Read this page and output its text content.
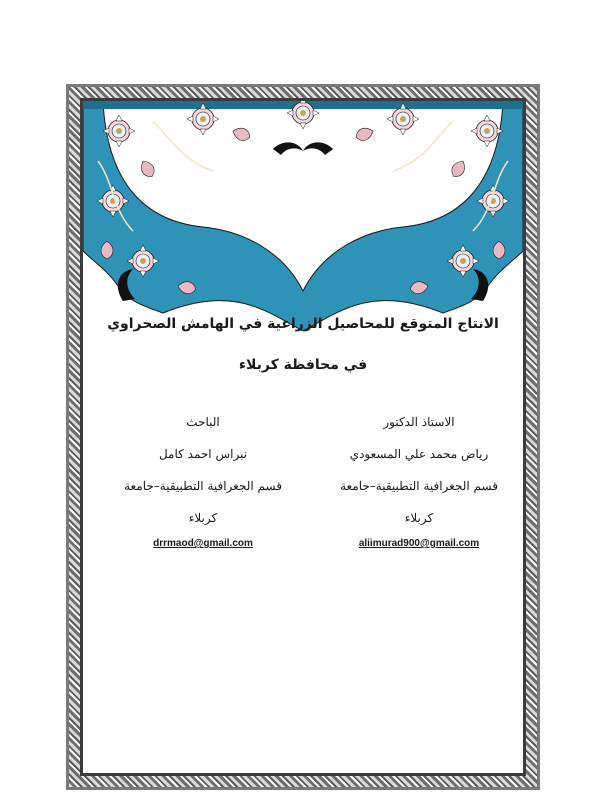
الانتاج المتوقع للمحاصيل الزراعية في الهامش الصحراوي
في محافظة كربلاء
الاستاذ الدكتور
رياض محمد علي المسعودي
قسم الجغرافية التطبيقية–جامعة
كربلاء
aliimurad900@gmail.com
الباحث
نبراس احمد كامل
قسم الجغرافية التطبيقية–جامعة
كربلاء
drrmaod@gmail.com
